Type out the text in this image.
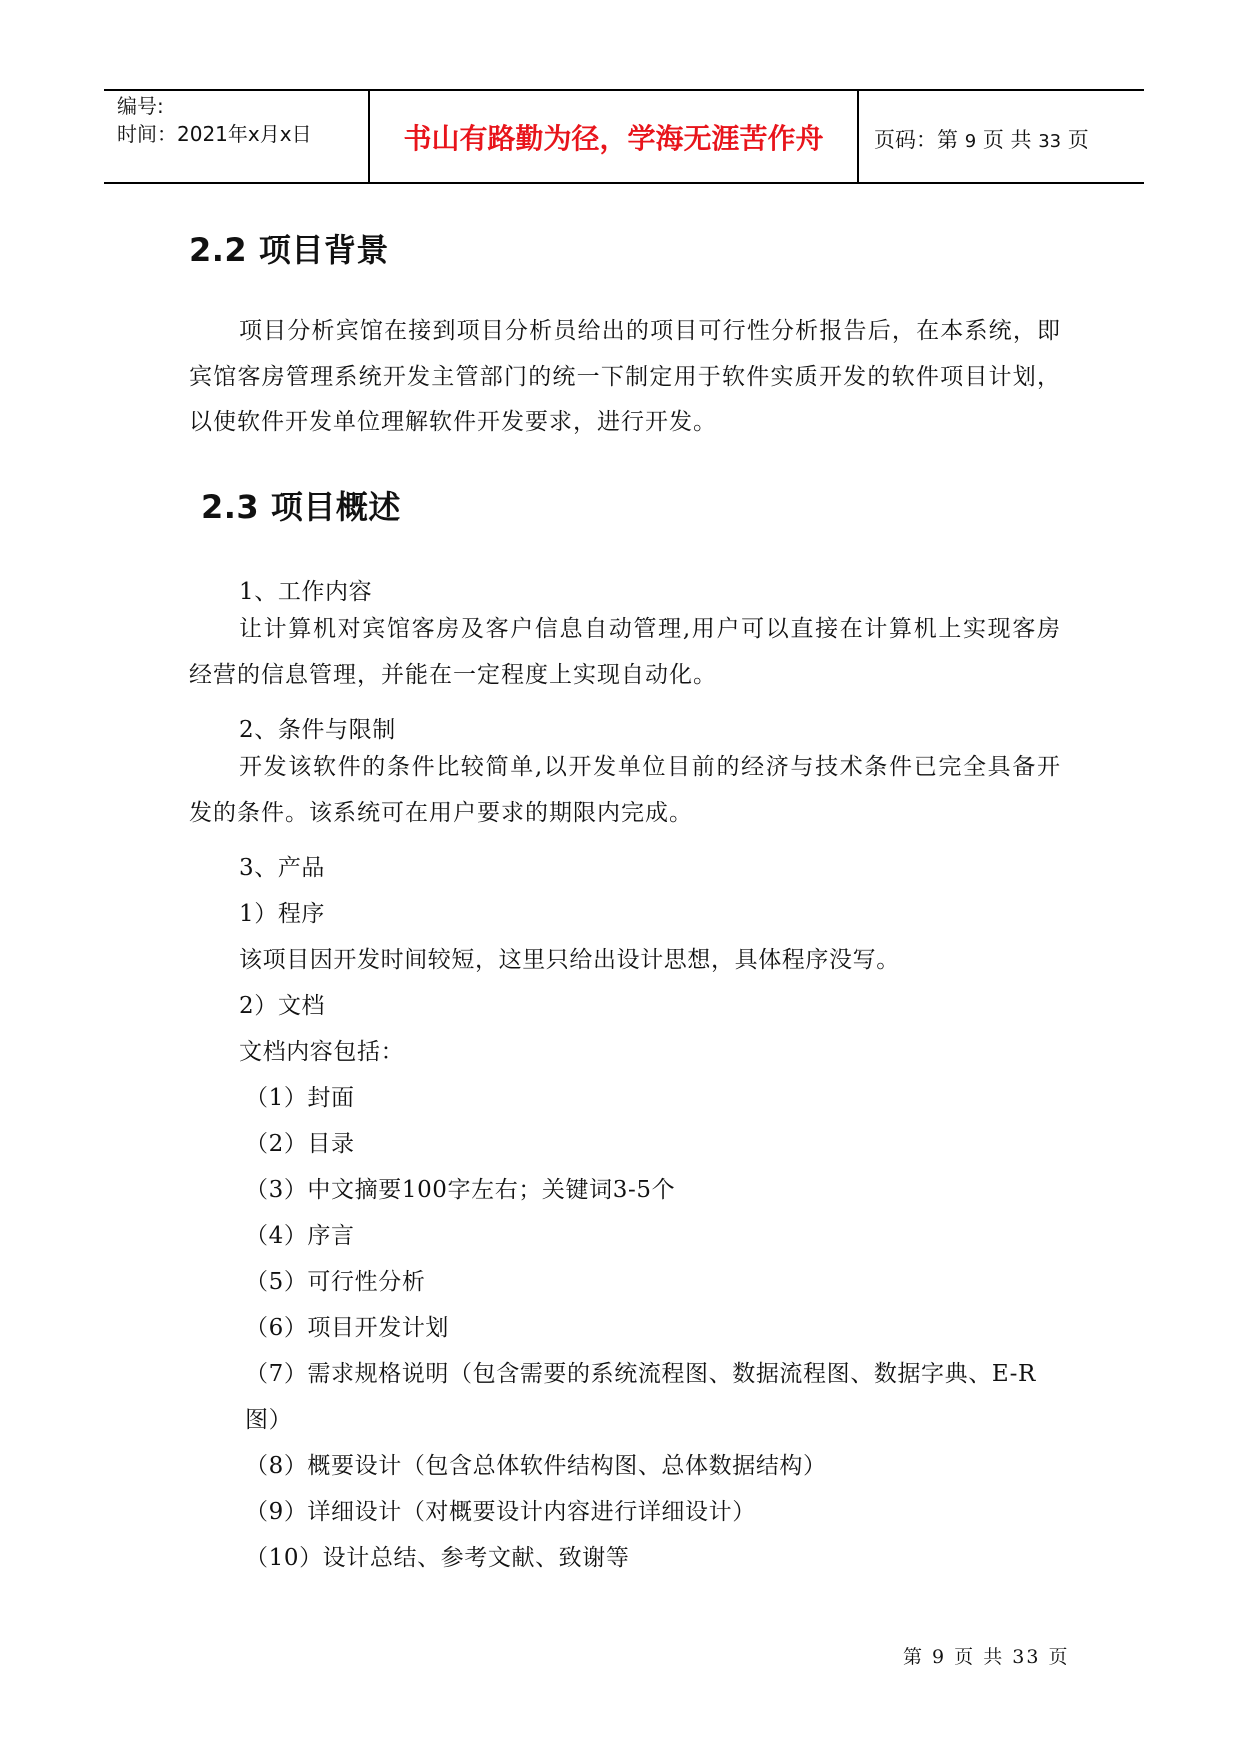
编号:
时间：2021年x月x日	书山有路勤为径，学海无涯苦作舟	页码：第 9 页 共 33 页
2.2 项目背景
项目分析宾馆在接到项目分析员给出的项目可行性分析报告后，在本系统，即宾馆客房管理系统开发主管部门的统一下制定用于软件实质开发的软件项目计划，以使软件开发单位理解软件开发要求，进行开发。
2.3 项目概述
1、工作内容
让计算机对宾馆客房及客户信息自动管理,用户可以直接在计算机上实现客房经营的信息管理，并能在一定程度上实现自动化。
2、条件与限制
开发该软件的条件比较简单,以开发单位目前的经济与技术条件已完全具备开发的条件。该系统可在用户要求的期限内完成。
3、产品
1）程序
该项目因开发时间较短，这里只给出设计思想，具体程序没写。
2）文档
文档内容包括：
（1）封面
（2）目录
（3）中文摘要100字左右；关键词3-5个
（4）序言
（5）可行性分析
（6）项目开发计划
（7）需求规格说明（包含需要的系统流程图、数据流程图、数据字典、E-R
图）
（8）概要设计（包含总体软件结构图、总体数据结构）
（9）详细设计（对概要设计内容进行详细设计）
（10）设计总结、参考文献、致谢等
第 9 页 共 33 页
